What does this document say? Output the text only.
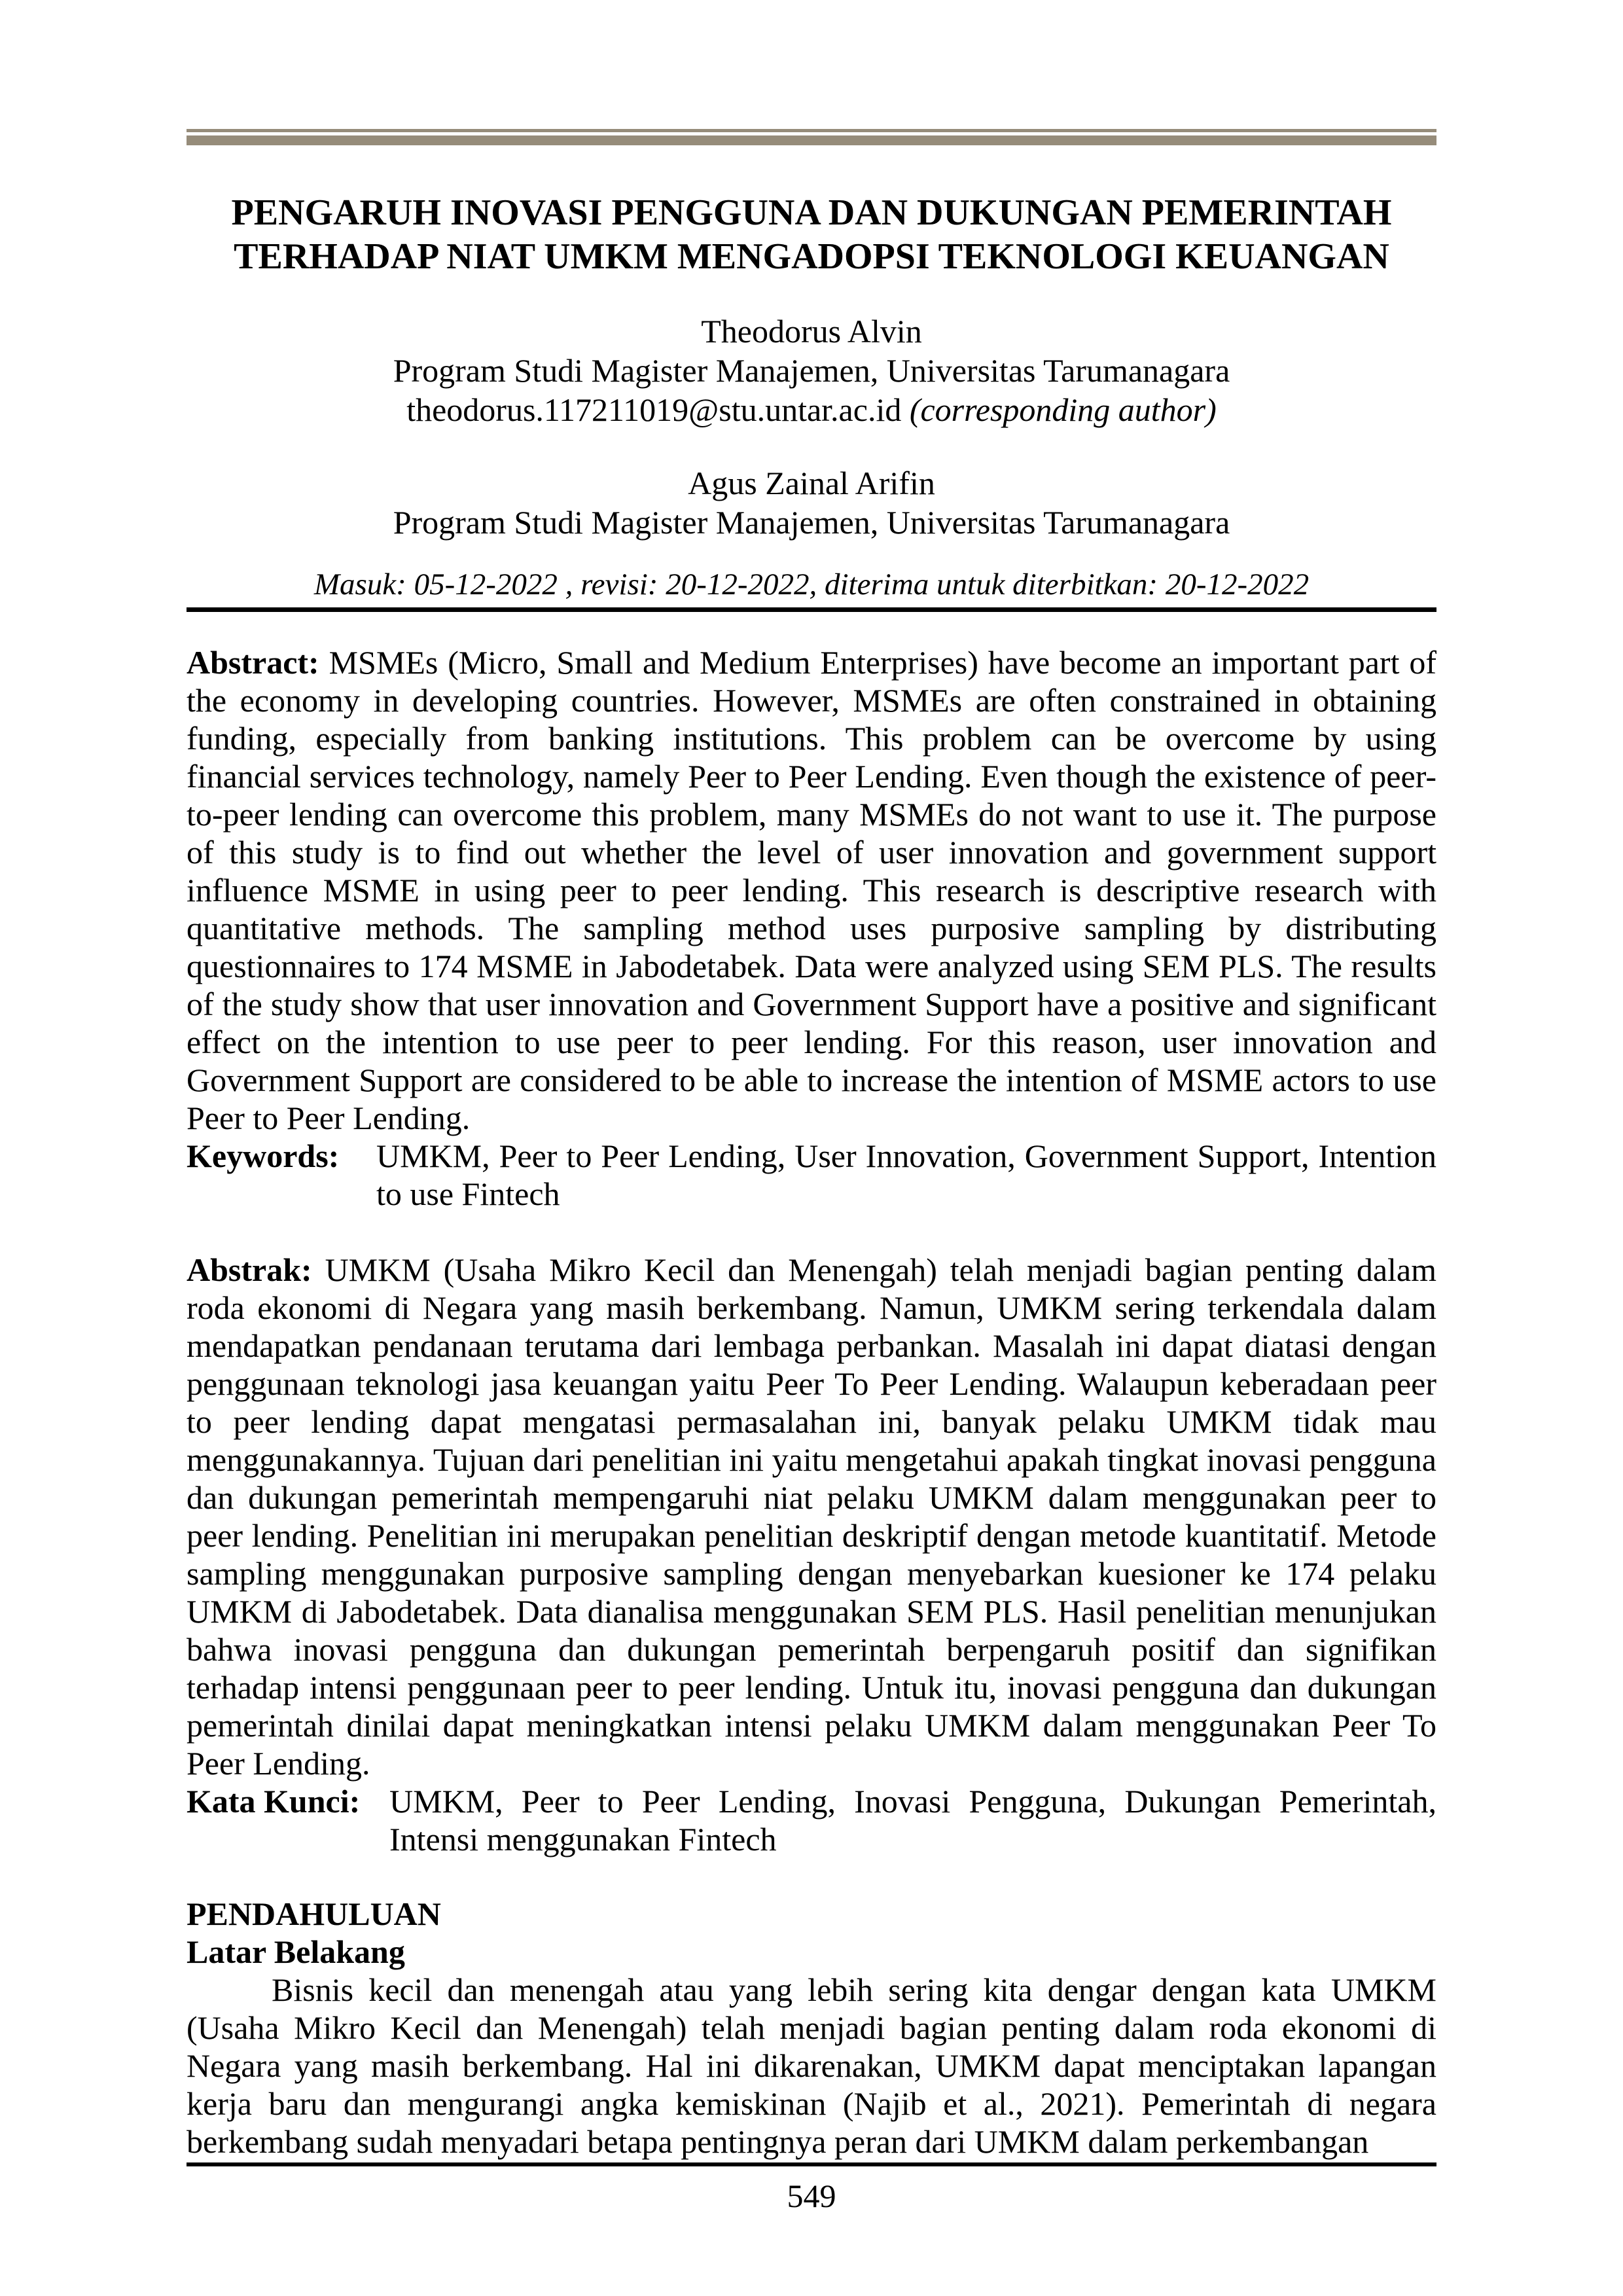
PENGARUH INOVASI PENGGUNA DAN DUKUNGAN PEMERINTAH
TERHADAP NIAT UMKM MENGADOPSI TEKNOLOGI KEUANGAN
Theodorus Alvin
Program Studi Magister Manajemen, Universitas Tarumanagara
theodorus.117211019@stu.untar.ac.id (corresponding author)
Agus Zainal Arifin
Program Studi Magister Manajemen, Universitas Tarumanagara
Masuk: 05-12-2022 , revisi: 20-12-2022, diterima untuk diterbitkan: 20-12-2022

Abstract: MSMEs (Micro, Small and Medium Enterprises) have become an important part of the economy in developing countries. However, MSMEs are often constrained in obtaining funding, especially from banking institutions. This problem can be overcome by using financial services technology, namely Peer to Peer Lending. Even though the existence of peer-to-peer lending can overcome this problem, many MSMEs do not want to use it. The purpose of this study is to find out whether the level of user innovation and government support influence MSME in using peer to peer lending. This research is descriptive research with quantitative methods. The sampling method uses purposive sampling by distributing questionnaires to 174 MSME in Jabodetabek. Data were analyzed using SEM PLS. The results of the study show that user innovation and Government Support have a positive and significant effect on the intention to use peer to peer lending. For this reason, user innovation and Government Support are considered to be able to increase the intention of MSME actors to use Peer to Peer Lending.

Keywords: UMKM, Peer to Peer Lending, User Innovation, Government Support, Intention to use Fintech

Abstrak: UMKM (Usaha Mikro Kecil dan Menengah) telah menjadi bagian penting dalam roda ekonomi di Negara yang masih berkembang. Namun, UMKM sering terkendala dalam mendapatkan pendanaan terutama dari lembaga perbankan. Masalah ini dapat diatasi dengan penggunaan teknologi jasa keuangan yaitu Peer To Peer Lending. Walaupun keberadaan peer to peer lending dapat mengatasi permasalahan ini, banyak pelaku UMKM tidak mau menggunakannya. Tujuan dari penelitian ini yaitu mengetahui apakah tingkat inovasi pengguna dan dukungan pemerintah mempengaruhi niat pelaku UMKM dalam menggunakan peer to peer lending. Penelitian ini merupakan penelitian deskriptif dengan metode kuantitatif. Metode sampling menggunakan purposive sampling dengan menyebarkan kuesioner ke 174 pelaku UMKM di Jabodetabek. Data dianalisa menggunakan SEM PLS. Hasil penelitian menunjukan bahwa inovasi pengguna dan dukungan pemerintah berpengaruh positif dan signifikan terhadap intensi penggunaan peer to peer lending. Untuk itu, inovasi pengguna dan dukungan pemerintah dinilai dapat meningkatkan intensi pelaku UMKM dalam menggunakan Peer To Peer Lending.

Kata Kunci: UMKM, Peer to Peer Lending, Inovasi Pengguna, Dukungan Pemerintah, Intensi menggunakan Fintech

PENDAHULUAN
Latar Belakang

Bisnis kecil dan menengah atau yang lebih sering kita dengar dengan kata UMKM (Usaha Mikro Kecil dan Menengah) telah menjadi bagian penting dalam roda ekonomi di Negara yang masih berkembang. Hal ini dikarenakan, UMKM dapat menciptakan lapangan kerja baru dan mengurangi angka kemiskinan (Najib et al., 2021). Pemerintah di negara berkembang sudah menyadari betapa pentingnya peran dari UMKM dalam perkembangan

549
